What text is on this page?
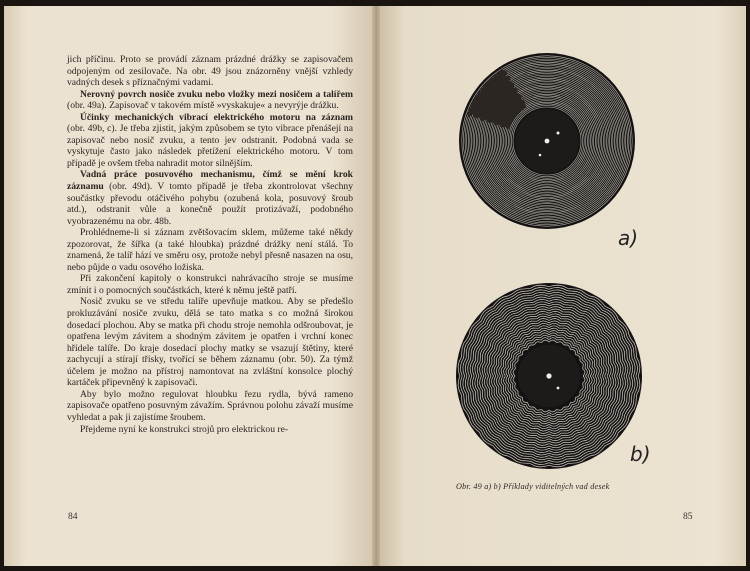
jich příčinu. Proto se provádí záznam prázdné drážky se zapisovačem odpojeným od zesilovače. Na obr. 49 jsou znázorněny vnější vzhledy vadných desek s příznačnými vadami.

Nerovný povrch nosiče zvuku nebo vložky mezi nosičem a talířem (obr. 49a). Zapisovač v takovém místě »vyskakuje« a nevyrýje drážku.

Účinky mechanických vibrací elektrického motoru na záznam (obr. 49b, c). Je třeba zjistit, jakým způsobem se tyto vibrace přenášejí na zapisovač nebo nosič zvuku, a tento jev odstranit. Podobná vada se vyskytuje často jako následek přetížení elektrického motoru. V tom případě je ovšem třeba nahradit motor silnějším.

Vadná práce posuvového mechanismu, čímž se mění krok záznamu (obr. 49d). V tomto případě je třeba zkontrolovat všechny součástky převodu otáčivého pohybu (ozubená kola, posuvový šroub atd.), odstranit vůle a konečně použít protizávaží, podobného vyobrazenému na obr. 48b.

Prohlédneme-li si záznam zvětšovacím sklem, můžeme také někdy zpozorovat, že šířka (a také hloubka) prázdné drážky není stálá. To znamená, že talíř hází ve směru osy, protože nebyl přesně nasazen na osu, nebo půjde o vadu osového ložiska.

Při zakončení kapitoly o konstrukci nahrávacího stroje se musíme zmínit i o pomocných součástkách, které k němu ještě patří.

Nosič zvuku se ve středu talíře upevňuje matkou. Aby se předešlo prokluzávání nosiče zvuku, dělá se tato matka s co možná širokou dosedací plochou. Aby se matka při chodu stroje nemohla odšroubovat, je opatřena levým závitem a shodným závitem je opatřen i vrchní konec hřídele talíře. Do kraje dosedací plochy matky se vsazují štětiny, které zachycují a stírají třísky, tvořící se během záznamu (obr. 50). Za týmž účelem je možno na přístroj namontovat na zvláštní konsolce plochý kartáček připevněný k zapisovači.

Aby bylo možno regulovat hloubku řezu rydla, bývá rameno zapisovače opatřeno posuvným závažím. Správnou polohu závaží musíme vyhledat a pak ji zajistíme šroubem.

Přejdeme nyní ke konstrukci strojů pro elektrickou re-

84
a)
b)
Obr. 49 a) b) Příklady viditelných vad desek
85
